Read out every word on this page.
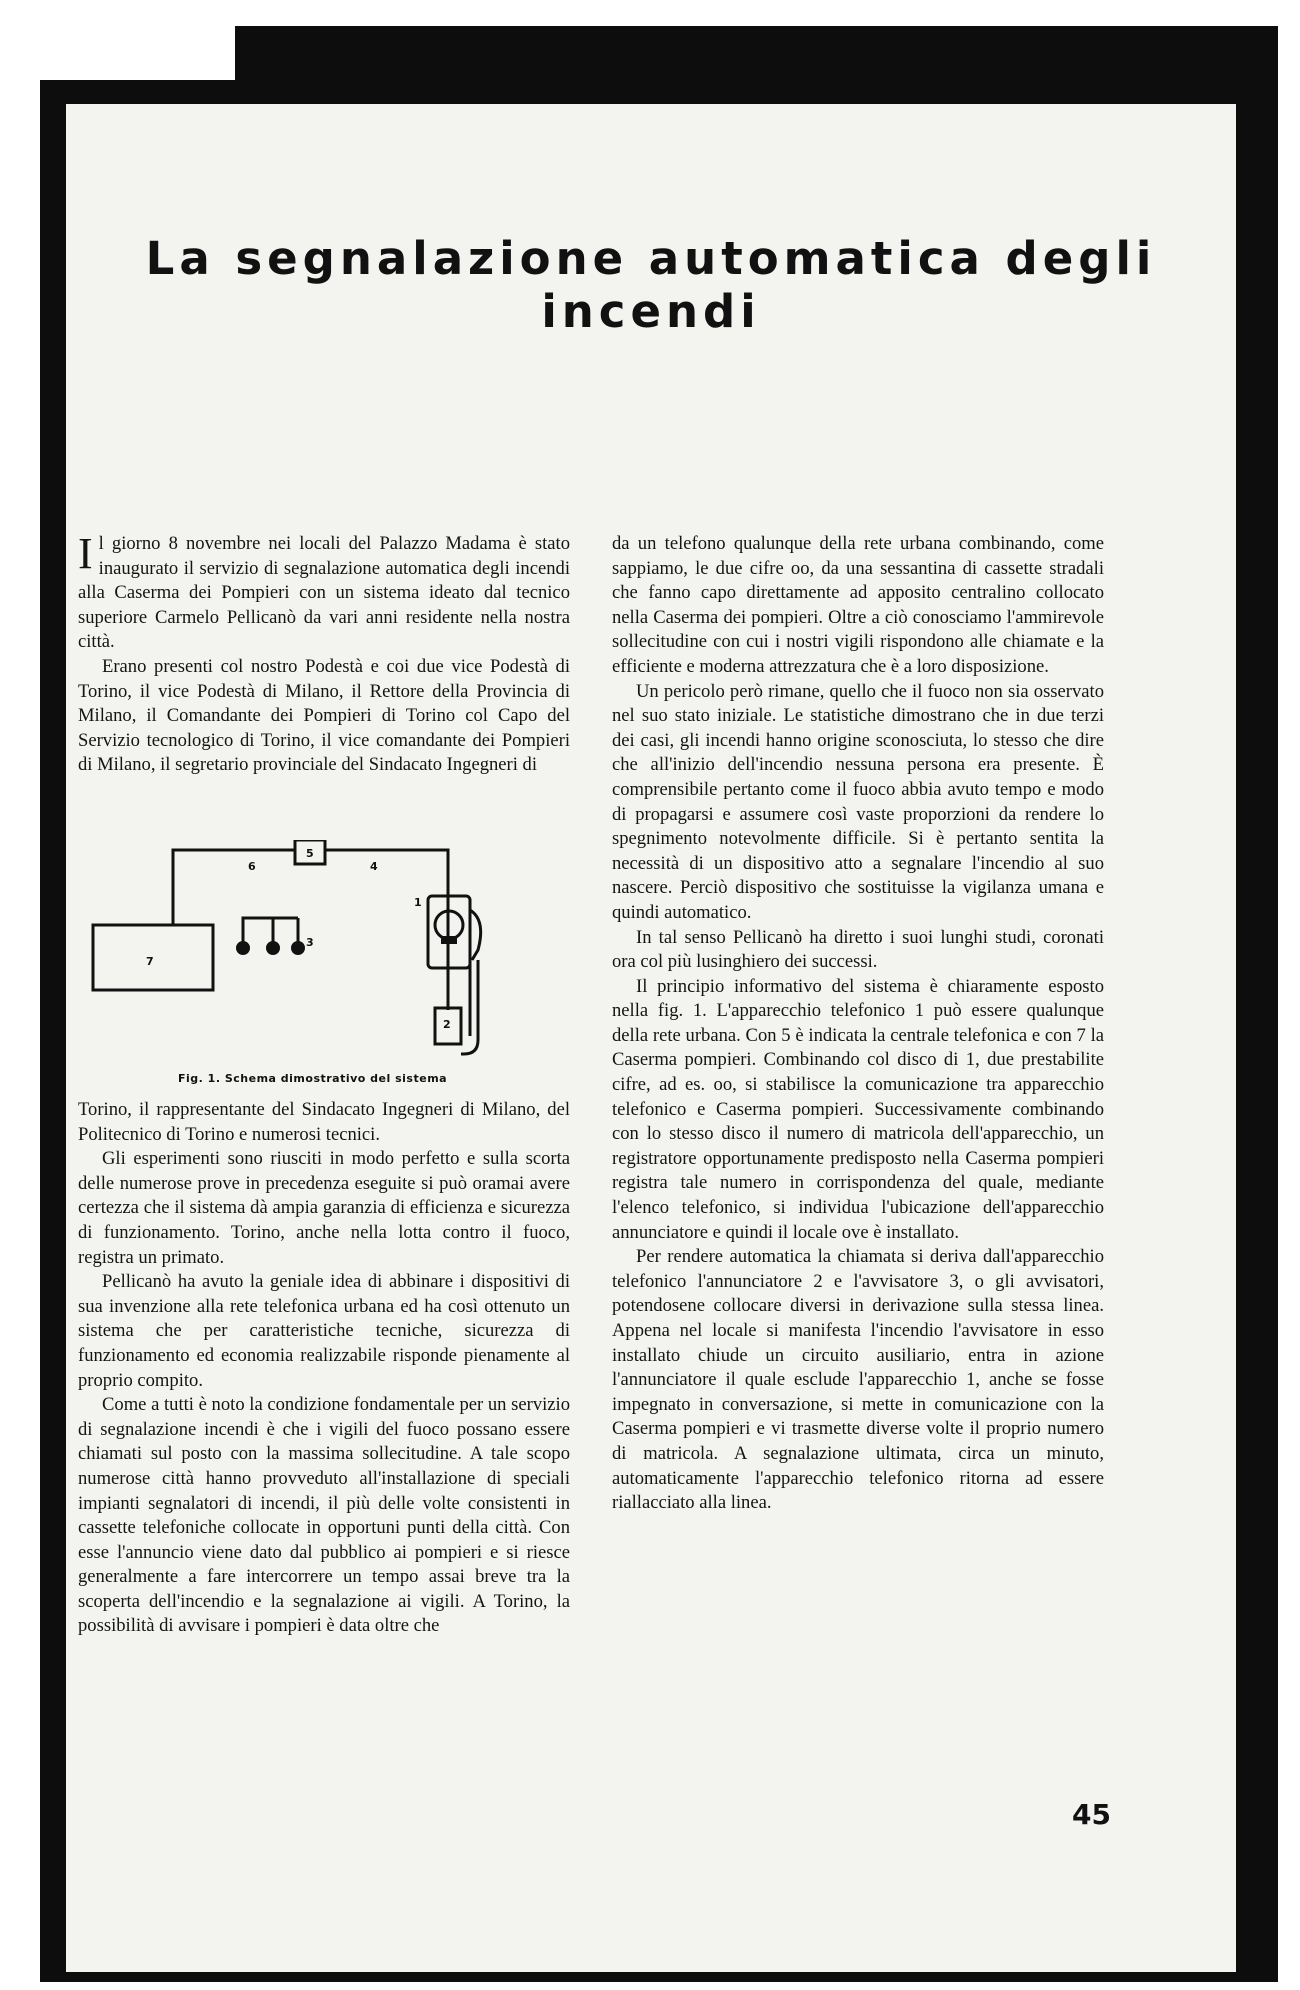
La segnalazione automatica degli incendi

Il giorno 8 novembre nei locali del Palazzo Madama è stato inaugurato il servizio di segnalazione automatica degli incendi alla Caserma dei Pompieri con un sistema ideato dal tecnico superiore Carmelo Pellicanò da vari anni residente nella nostra città.

Erano presenti col nostro Podestà e coi due vice Podestà di Torino, il vice Podestà di Milano, il Rettore della Provincia di Milano, il Comandante dei Pompieri di Torino col Capo del Servizio tecnologico di Torino, il vice comandante dei Pompieri di Milano, il segretario provinciale del Sindacato Ingegneri di

5
6	4
7
3
1
2
Fig. 1. Schema dimostrativo del sistema

Torino, il rappresentante del Sindacato Ingegneri di Milano, del Politecnico di Torino e numerosi tecnici.

Gli esperimenti sono riusciti in modo perfetto e sulla scorta delle numerose prove in precedenza eseguite si può oramai avere certezza che il sistema dà ampia garanzia di efficienza e sicurezza di funzionamento. Torino, anche nella lotta contro il fuoco, registra un primato.

Pellicanò ha avuto la geniale idea di abbinare i dispositivi di sua invenzione alla rete telefonica urbana ed ha così ottenuto un sistema che per caratteristiche tecniche, sicurezza di funzionamento ed economia realizzabile risponde pienamente al proprio compito.

Come a tutti è noto la condizione fondamentale per un servizio di segnalazione incendi è che i vigili del fuoco possano essere chiamati sul posto con la massima sollecitudine. A tale scopo numerose città hanno provveduto all'installazione di speciali impianti segnalatori di incendi, il più delle volte consistenti in cassette telefoniche collocate in opportuni punti della città. Con esse l'annuncio viene dato dal pubblico ai pompieri e si riesce generalmente a fare intercorrere un tempo assai breve tra la scoperta dell'incendio e la segnalazione ai vigili. A Torino, la possibilità di avvisare i pompieri è data oltre che

da un telefono qualunque della rete urbana combinando, come sappiamo, le due cifre oo, da una sessantina di cassette stradali che fanno capo direttamente ad apposito centralino collocato nella Caserma dei pompieri. Oltre a ciò conosciamo l'ammirevole sollecitudine con cui i nostri vigili rispondono alle chiamate e la efficiente e moderna attrezzatura che è a loro disposizione.

Un pericolo però rimane, quello che il fuoco non sia osservato nel suo stato iniziale. Le statistiche dimostrano che in due terzi dei casi, gli incendi hanno origine sconosciuta, lo stesso che dire che all'inizio dell'incendio nessuna persona era presente. È comprensibile pertanto come il fuoco abbia avuto tempo e modo di propagarsi e assumere così vaste proporzioni da rendere lo spegnimento notevolmente difficile. Si è pertanto sentita la necessità di un dispositivo atto a segnalare l'incendio al suo nascere. Perciò dispositivo che sostituisse la vigilanza umana e quindi automatico.

In tal senso Pellicanò ha diretto i suoi lunghi studi, coronati ora col più lusinghiero dei successi.

Il principio informativo del sistema è chiaramente esposto nella fig. 1. L'apparecchio telefonico 1 può essere qualunque della rete urbana. Con 5 è indicata la centrale telefonica e con 7 la Caserma pompieri. Combinando col disco di 1, due prestabilite cifre, ad es. oo, si stabilisce la comunicazione tra apparecchio telefonico e Caserma pompieri. Successivamente combinando con lo stesso disco il numero di matricola dell'apparecchio, un registratore opportunamente predisposto nella Caserma pompieri registra tale numero in corrispondenza del quale, mediante l'elenco telefonico, si individua l'ubicazione dell'apparecchio annunciatore e quindi il locale ove è installato.

Per rendere automatica la chiamata si deriva dall'apparecchio telefonico l'annunciatore 2 e l'avvisatore 3, o gli avvisatori, potendosene collocare diversi in derivazione sulla stessa linea. Appena nel locale si manifesta l'incendio l'avvisatore in esso installato chiude un circuito ausiliario, entra in azione l'annunciatore il quale esclude l'apparecchio 1, anche se fosse impegnato in conversazione, si mette in comunicazione con la Caserma pompieri e vi trasmette diverse volte il proprio numero di matricola. A segnalazione ultimata, circa un minuto, automaticamente l'apparecchio telefonico ritorna ad essere riallacciato alla linea.

45
